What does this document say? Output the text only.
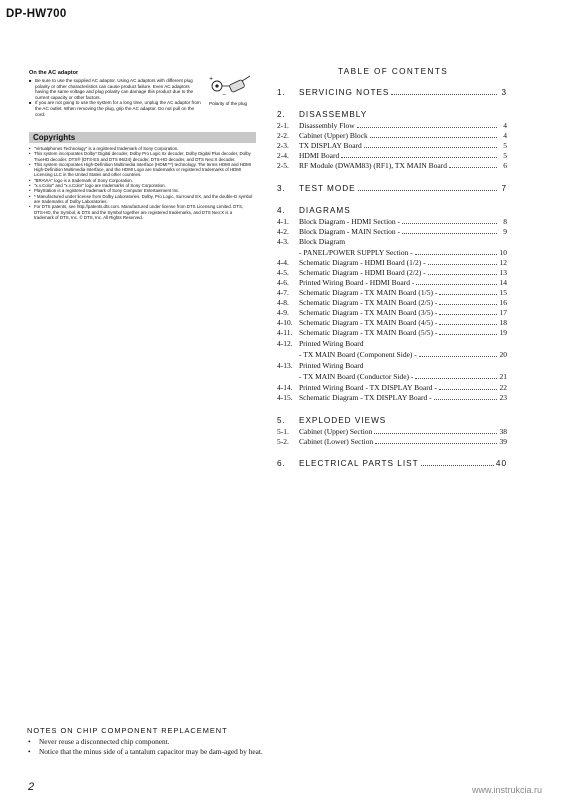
DP-HW700
On the AC adaptor
■ Be sure to use the supplied AC adaptor. Using AC adaptors with different plug polarity or other characteristics can cause product failure. Even AC adaptors having the same voltage and plug polarity can damage this product due to the current capacity or other factors.
■ If you are not going to use the system for a long time, unplug the AC adaptor from the AC outlet. When removing the plug, grip the AC adaptor. Do not pull on the cord.
+
−
Polarity of the plug
Copyrights
• "Virtualphones Technology" is a registered trademark of Sony Corporation.
• This system incorporates Dolby* Digital decoder, Dolby Pro Logic IIx decoder, Dolby Digital Plus decoder, Dolby TrueHD decoder, DTS® (DTS-ES and DTS 96/24) decoder, DTS-HD decoder, and DTS Neo:X decoder.
• This system incorporates High-Definition Multimedia Interface (HDMI™) technology. The terms HDMI and HDMI High-Definition Multimedia Interface, and the HDMI Logo are trademarks or registered trademarks of HDMI Licensing LLC in the United States and other countries.
• "BRAVIA" logo is a trademark of Sony Corporation.
• "x.v.Color" and "x.v.Color" logo are trademarks of Sony Corporation.
• PlayStation is a registered trademark of Sony Computer Entertainment Inc.
• * Manufactured under license from Dolby Laboratories. Dolby, Pro Logic, Surround EX, and the double-D symbol are trademarks of Dolby Laboratories.
• For DTS patents, see http://patents.dts.com. Manufactured under license from DTS Licensing Limited. DTS, DTS-HD, the Symbol, & DTS and the Symbol together are registered trademarks, and DTS Neo:X is a trademark of DTS, Inc. © DTS, Inc. All Rights Reserved.
TABLE OF CONTENTS
1.	SERVICING NOTES	3
2.	DISASSEMBLY
2-1.	Disassembly Flow	4
2-2.	Cabinet (Upper) Block	4
2-3.	TX DISPLAY Board	5
2-4.	HDMI Board	5
2-5.	RF Module (DWAM83) (RF1), TX MAIN Board	6
3.	TEST MODE	7
4.	DIAGRAMS
4-1.	Block Diagram - HDMI Section -	8
4-2.	Block Diagram - MAIN Section -	9
4-3.	Block Diagram
- PANEL/POWER SUPPLY Section -	10
4-4.	Schematic Diagram - HDMI Board (1/2) -	12
4-5.	Schematic Diagram - HDMI Board (2/2) -	13
4-6.	Printed Wiring Board - HDMI Board -	14
4-7.	Schematic Diagram - TX MAIN Board (1/5) -	15
4-8.	Schematic Diagram - TX MAIN Board (2/5) -	16
4-9.	Schematic Diagram - TX MAIN Board (3/5) -	17
4-10. Schematic Diagram - TX MAIN Board (4/5) -	18
4-11. Schematic Diagram - TX MAIN Board (5/5) -	19
4-12. Printed Wiring Board
- TX MAIN Board (Component Side) -	20
4-13. Printed Wiring Board
- TX MAIN Board (Conductor Side) -	21
4-14. Printed Wiring Board - TX DISPLAY Board -	22
4-15. Schematic Diagram - TX DISPLAY Board -	23
5.	EXPLODED VIEWS
5-1.	Cabinet (Upper) Section	38
5-2.	Cabinet (Lower) Section	39
6.	ELECTRICAL PARTS LIST	40
NOTES ON CHIP COMPONENT REPLACEMENT
• Never reuse a disconnected chip component.
• Notice that the minus side of a tantalum capacitor may be dam-aged by heat.
2	www.instrukcia.ru
